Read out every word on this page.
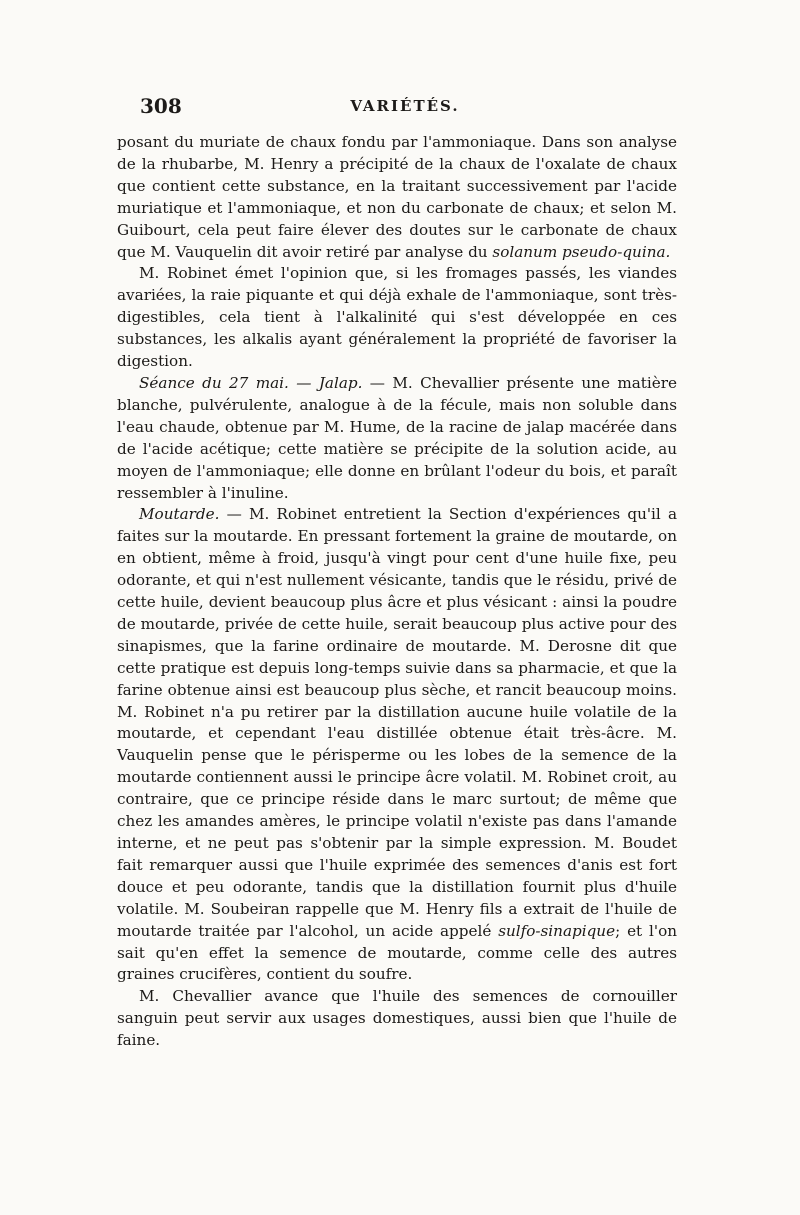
308	VARIÉTÉS.

posant du muriate de chaux fondu par l'ammoniaque. Dans son analyse de la rhubarbe, M. Henry a précipité de la chaux de l'oxalate de chaux que contient cette substance, en la traitant successivement par l'acide muriatique et l'ammoniaque, et non du carbonate de chaux; et selon M. Guibourt, cela peut faire élever des doutes sur le carbonate de chaux que M. Vauquelin dit avoir retiré par analyse du solanum pseudo-quina.

M. Robinet émet l'opinion que, si les fromages passés, les viandes avariées, la raie piquante et qui déjà exhale de l'ammoniaque, sont très-digestibles, cela tient à l'alkalinité qui s'est développée en ces substances, les alkalis ayant généralement la propriété de favoriser la digestion.

Séance du 27 mai. — Jalap. — M. Chevallier présente une matière blanche, pulvérulente, analogue à de la fécule, mais non soluble dans l'eau chaude, obtenue par M. Hume, de la racine de jalap macérée dans de l'acide acétique; cette matière se précipite de la solution acide, au moyen de l'ammoniaque; elle donne en brûlant l'odeur du bois, et paraît ressembler à l'inuline.

Moutarde. — M. Robinet entretient la Section d'expériences qu'il a faites sur la moutarde. En pressant fortement la graine de moutarde, on en obtient, même à froid, jusqu'à vingt pour cent d'une huile fixe, peu odorante, et qui n'est nullement vésicante, tandis que le résidu, privé de cette huile, devient beaucoup plus âcre et plus vésicant : ainsi la poudre de moutarde, privée de cette huile, serait beaucoup plus active pour des sinapismes, que la farine ordinaire de moutarde. M. Derosne dit que cette pratique est depuis long-temps suivie dans sa pharmacie, et que la farine obtenue ainsi est beaucoup plus sèche, et rancit beaucoup moins. M. Robinet n'a pu retirer par la distillation aucune huile volatile de la moutarde, et cependant l'eau distillée obtenue était très-âcre. M. Vauquelin pense que le périsperme ou les lobes de la semence de la moutarde contiennent aussi le principe âcre volatil. M. Robinet croit, au contraire, que ce principe réside dans le marc surtout; de même que chez les amandes amères, le principe volatil n'existe pas dans l'amande interne, et ne peut pas s'obtenir par la simple expression. M. Boudet fait remarquer aussi que l'huile exprimée des semences d'anis est fort douce et peu odorante, tandis que la distillation fournit plus d'huile volatile. M. Soubeiran rappelle que M. Henry fils a extrait de l'huile de moutarde traitée par l'alcohol, un acide appelé sulfo-sinapique; et l'on sait qu'en effet la semence de moutarde, comme celle des autres graines crucifères, contient du soufre.

M. Chevallier avance que l'huile des semences de cornouiller sanguin peut servir aux usages domestiques, aussi bien que l'huile de faine.
